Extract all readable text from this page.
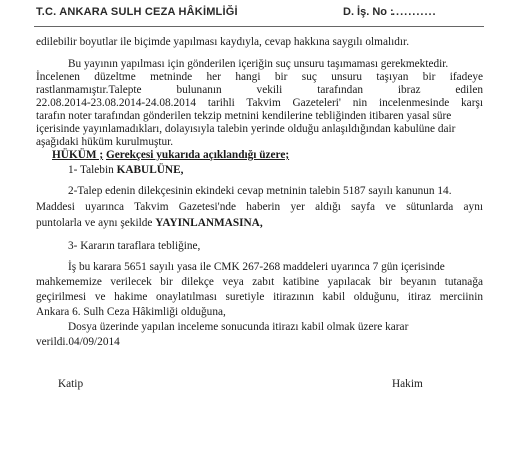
T.C. ANKARA SULH CEZA HÂKİMLİĞİ	D. İş. No :
...........
edilebilir boyutlar ile biçimde yapılması kaydıyla, cevap hakkına saygılı olmalıdır.
Bu yayının yapılması için gönderilen içeriğin suç unsuru taşımaması gerekmektedir.
İncelenen düzeltme metninde her hangi bir suç unsuru taşıyan bir ifadeye
rastlanmamıştır.Talepte bulunanın vekili tarafından ibraz edilen
22.08.2014-23.08.2014-24.08.2014 tarihli Takvim Gazeteleri' nin incelenmesinde karşı
tarafın noter tarafından gönderilen tekzip metnini kendilerine tebliğinden itibaren yasal süre
içerisinde yayınlamadıkları, dolayısıyla talebin yerinde olduğu anlaşıldığından kabulüne dair
aşağıdaki hüküm kurulmuştur.
HÜKÜM ; Gerekçesi yukarıda açıklandığı üzere;
1- Talebin KABULÜNE,
2-Talep edenin dilekçesinin ekindeki cevap metninin talebin 5187 sayılı kanunun 14.
Maddesi uyarınca Takvim Gazetesi'nde haberin yer aldığı sayfa ve sütunlarda aynı
puntolarla ve aynı şekilde YAYINLANMASINA,
3- Kararın taraflara tebliğine,
İş bu karara 5651 sayılı yasa ile CMK 267-268 maddeleri uyarınca 7 gün içerisinde
mahkememize verilecek bir dilekçe veya zabıt katibine yapılacak bir beyanın tutanağa
geçirilmesi ve hakime onaylatılması suretiyle itirazının kabil olduğunu, itiraz merciinin
Ankara 6. Sulh Ceza Hâkimliği olduğuna,
Dosya üzerinde yapılan inceleme sonucunda itirazı kabil olmak üzere karar
verildi.04/09/2014
Katip	Hakim
